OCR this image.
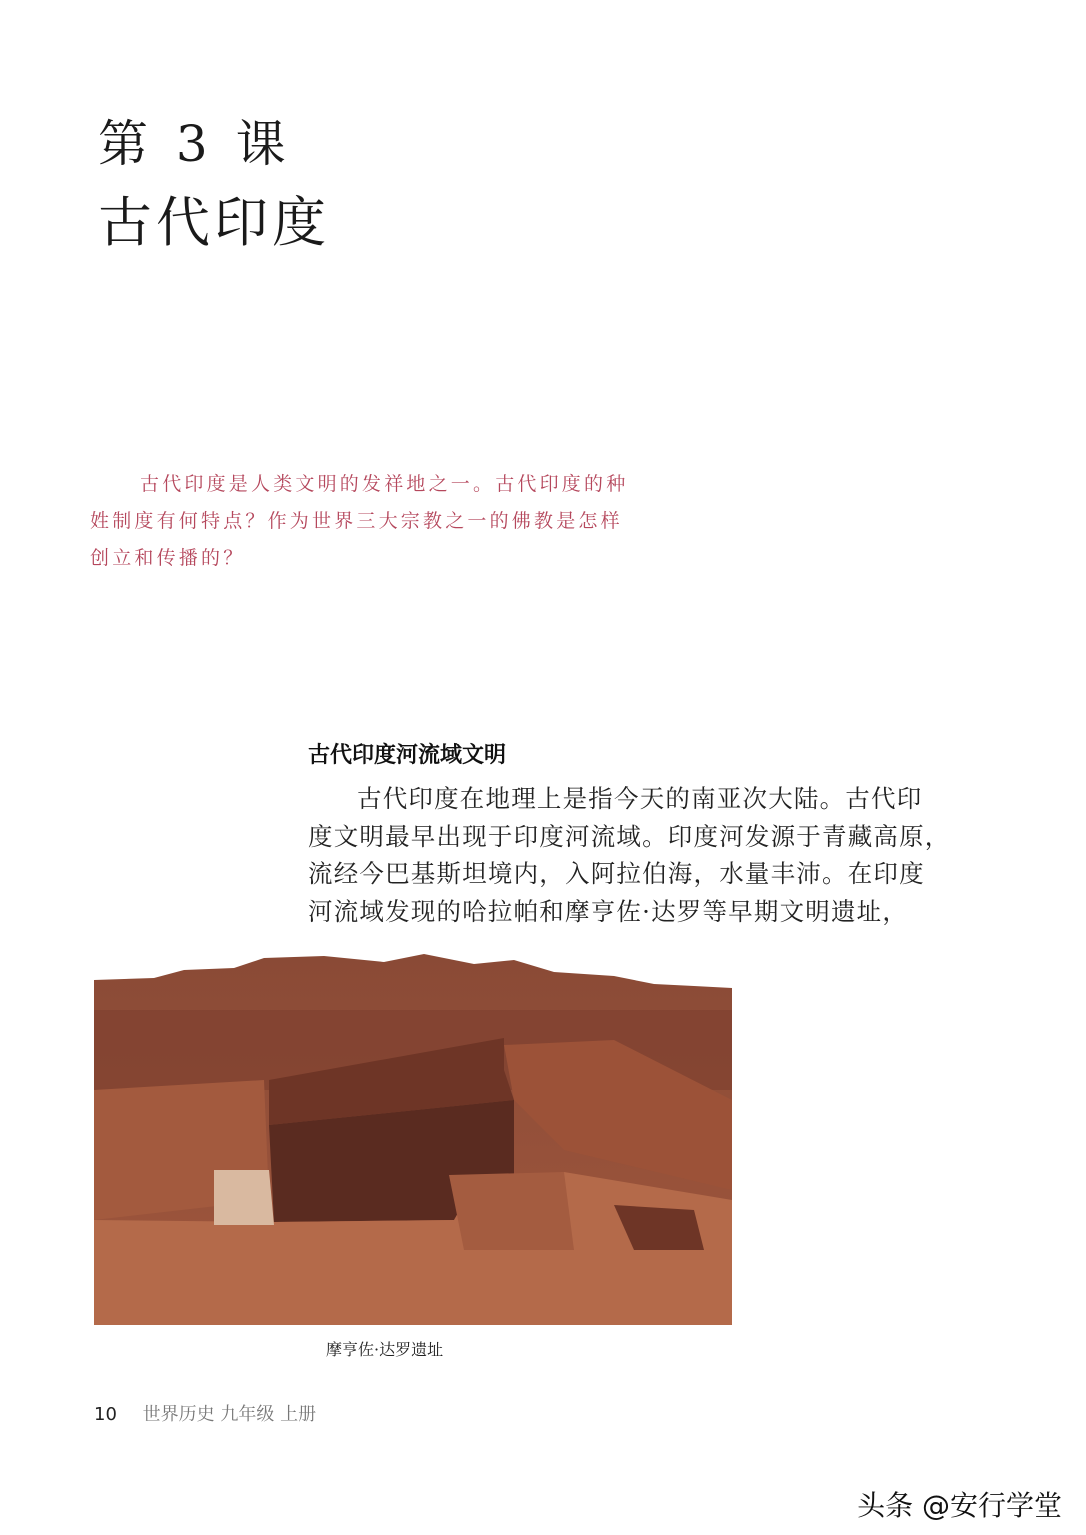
第 3 课
古代印度
古代印度是人类文明的发祥地之一。古代印度的种
姓制度有何特点？作为世界三大宗教之一的佛教是怎样
创立和传播的？
古代印度河流域文明
古代印度在地理上是指今天的南亚次大陆。古代印
度文明最早出现于印度河流域。印度河发源于青藏高原，
流经今巴基斯坦境内，入阿拉伯海，水量丰沛。在印度
河流域发现的哈拉帕和摩亨佐·达罗等早期文明遗址，
摩亨佐·达罗遗址
10 世界历史 九年级 上册
头条 @安行学堂
